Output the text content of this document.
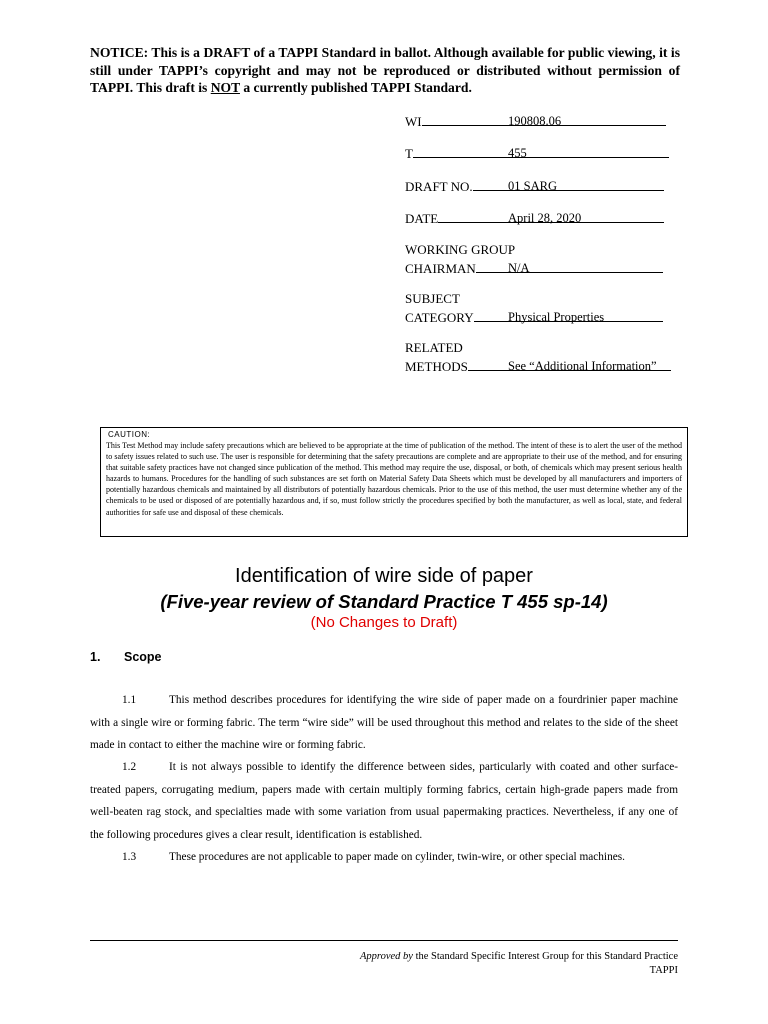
NOTICE: This is a DRAFT of a TAPPI Standard in ballot. Although available for public viewing, it is still under TAPPI’s copyright and may not be reproduced or distributed without permission of TAPPI. This draft is NOT a currently published TAPPI Standard.
WI	190808.06
T	455
DRAFT NO.	01 SARG
DATE	April 28, 2020
WORKING GROUP
CHAIRMAN	N/A
SUBJECT
CATEGORY	Physical Properties
RELATED
METHODS	See “Additional Information”
CAUTION:
This Test Method may include safety precautions which are believed to be appropriate at the time of publication of the method. The intent of these is to alert the user of the method to safety issues related to such use. The user is responsible for determining that the safety precautions are complete and are appropriate to their use of the method, and for ensuring that suitable safety practices have not changed since publication of the method. This method may require the use, disposal, or both, of chemicals which may present serious health hazards to humans. Procedures for the handling of such substances are set forth on Material Safety Data Sheets which must be developed by all manufacturers and importers of potentially hazardous chemicals and maintained by all distributors of potentially hazardous chemicals. Prior to the use of this method, the user must determine whether any of the chemicals to be used or disposed of are potentially hazardous and, if so, must follow strictly the procedures specified by both the manufacturer, as well as local, state, and federal authorities for safe use and disposal of these chemicals.
Identification of wire side of paper
(Five-year review of Standard Practice T 455 sp-14)
(No Changes to Draft)
1. Scope
1.1	This method describes procedures for identifying the wire side of paper made on a fourdrinier paper machine with a single wire or forming fabric. The term “wire side” will be used throughout this method and relates to the side of the sheet made in contact to either the machine wire or forming fabric.
1.2	It is not always possible to identify the difference between sides, particularly with coated and other surface-treated papers, corrugating medium, papers made with certain multiply forming fabrics, certain high-grade papers made from well-beaten rag stock, and specialties made with some variation from usual papermaking practices. Nevertheless, if any one of the following procedures gives a clear result, identification is established.
1.3	These procedures are not applicable to paper made on cylinder, twin-wire, or other special machines.
Approved by the Standard Specific Interest Group for this Standard Practice
TAPPI
